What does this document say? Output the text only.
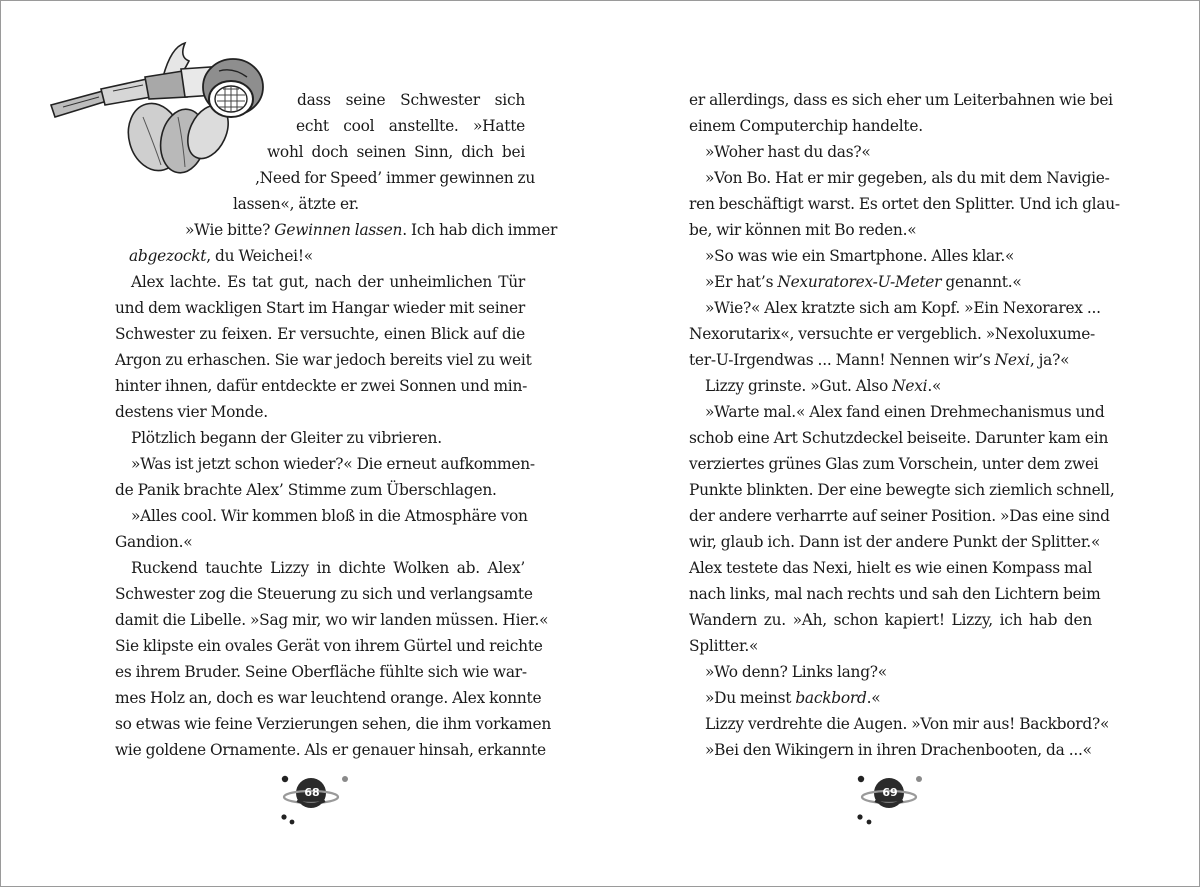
dass seine Schwester sich
echt cool anstellte. »Hatte
wohl doch seinen Sinn, dich bei
‚Need for Speed’ immer gewinnen zu
lassen«, ätzte er.
»Wie bitte? Gewinnen lassen. Ich hab dich immer
abgezockt, du Weichei!«
Alex lachte. Es tat gut, nach der unheimlichen Tür
und dem wackligen Start im Hangar wieder mit seiner
Schwester zu feixen. Er versuchte, einen Blick auf die
Argon zu erhaschen. Sie war jedoch bereits viel zu weit
hinter ihnen, dafür entdeckte er zwei Sonnen und min-
destens vier Monde.
Plötzlich begann der Gleiter zu vibrieren.
»Was ist jetzt schon wieder?« Die erneut aufkommen-
de Panik brachte Alex’ Stimme zum Überschlagen.
»Alles cool. Wir kommen bloß in die Atmosphäre von
Gandion.«
Ruckend tauchte Lizzy in dichte Wolken ab. Alex’
Schwester zog die Steuerung zu sich und verlangsamte
damit die Libelle. »Sag mir, wo wir landen müssen. Hier.«
Sie klipste ein ovales Gerät von ihrem Gürtel und reichte
es ihrem Bruder. Seine Oberfläche fühlte sich wie war-
mes Holz an, doch es war leuchtend orange. Alex konnte
so etwas wie feine Verzierungen sehen, die ihm vorkamen
wie goldene Ornamente. Als er genauer hinsah, erkannte
er allerdings, dass es sich eher um Leiterbahnen wie bei
einem Computerchip handelte.
»Woher hast du das?«
»Von Bo. Hat er mir gegeben, als du mit dem Navigie-
ren beschäftigt warst. Es ortet den Splitter. Und ich glau-
be, wir können mit Bo reden.«
»So was wie ein Smartphone. Alles klar.«
»Er hat’s Nexuratorex-U-Meter genannt.«
»Wie?« Alex kratzte sich am Kopf. »Ein Nexorarex ...
Nexorutarix«, versuchte er vergeblich. »Nexoluxume-
ter-U-Irgendwas ... Mann! Nennen wir’s Nexi, ja?«
Lizzy grinste. »Gut. Also Nexi.«
»Warte mal.« Alex fand einen Drehmechanismus und
schob eine Art Schutzdeckel beiseite. Darunter kam ein
verziertes grünes Glas zum Vorschein, unter dem zwei
Punkte blinkten. Der eine bewegte sich ziemlich schnell,
der andere verharrte auf seiner Position. »Das eine sind
wir, glaub ich. Dann ist der andere Punkt der Splitter.«
Alex testete das Nexi, hielt es wie einen Kompass mal
nach links, mal nach rechts und sah den Lichtern beim
Wandern zu. »Ah, schon kapiert! Lizzy, ich hab den
Splitter.«
»Wo denn? Links lang?«
»Du meinst backbord.«
Lizzy verdrehte die Augen. »Von mir aus! Backbord?«
»Bei den Wikingern in ihren Drachenbooten, da ...«
68	69
